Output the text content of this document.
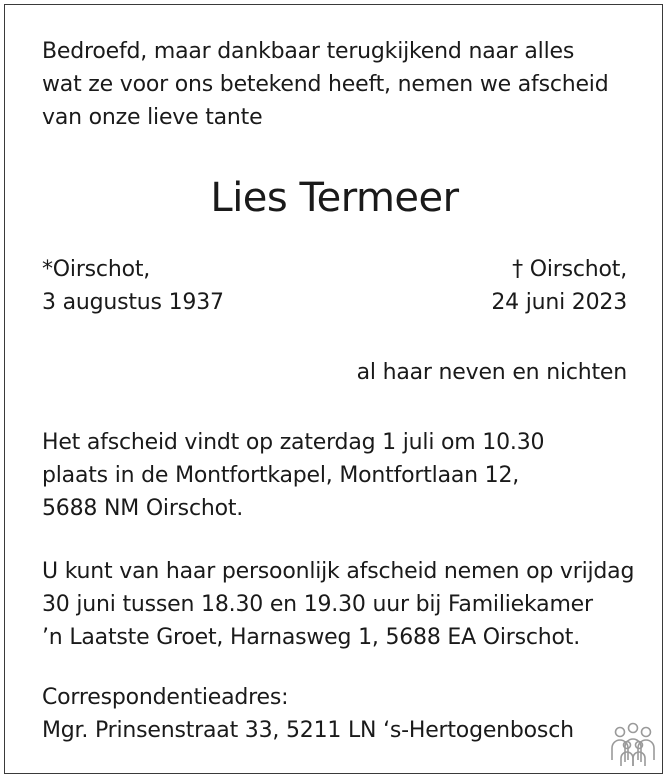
Bedroefd, maar dankbaar terugkijkend naar alles
wat ze voor ons betekend heeft, nemen we afscheid
van onze lieve tante
Lies Termeer
*Oirschot,
3 augustus 1937
† Oirschot,
24 juni 2023
al haar neven en nichten
Het afscheid vindt op zaterdag 1 juli om 10.30
plaats in de Montfortkapel, Montfortlaan 12,
5688 NM Oirschot.
U kunt van haar persoonlijk afscheid nemen op vrijdag
30 juni tussen 18.30 en 19.30 uur bij Familiekamer
’n Laatste Groet, Harnasweg 1, 5688 EA Oirschot.
Correspondentieadres:
Mgr. Prinsenstraat 33, 5211 LN ‘s-Hertogenbosch
